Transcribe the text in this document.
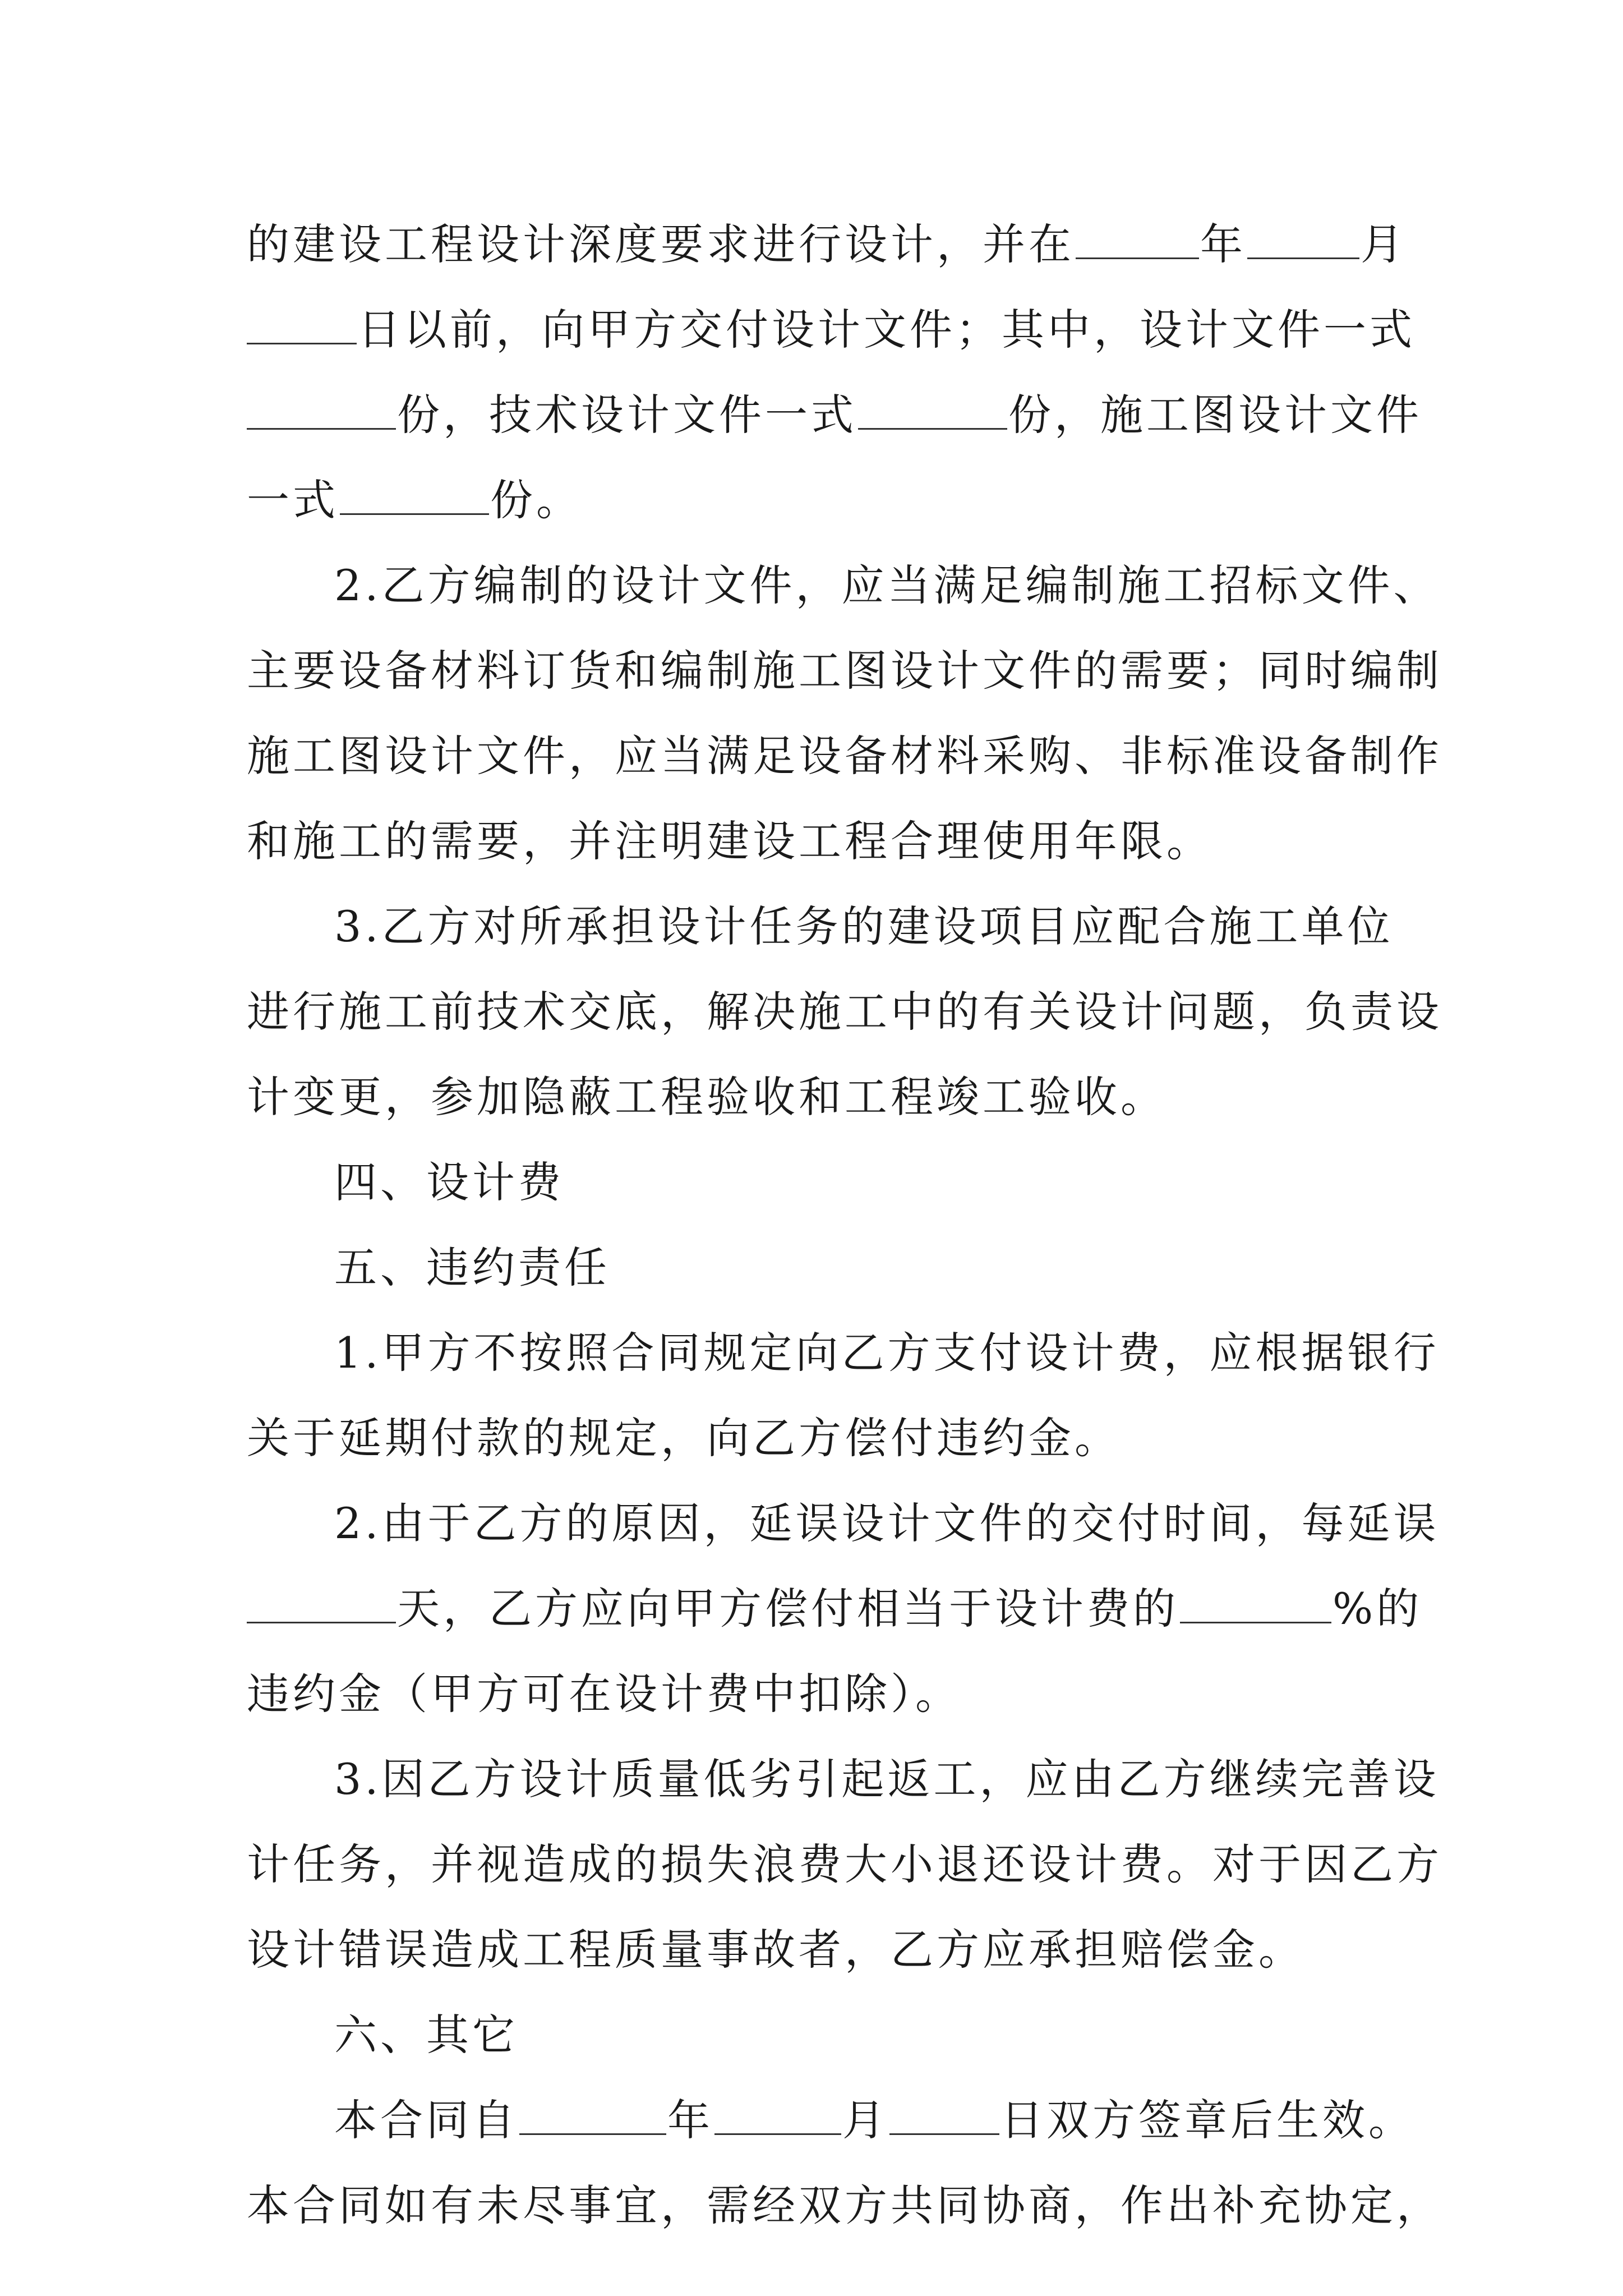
的建设工程设计深度要求进行设计，并在	年	月
日以前，向甲方交付设计文件；其中，设计文件一式
份，技术设计文件一式	份，施工图设计文件
一式	份。
2.乙方编制的设计文件，应当满足编制施工招标文件、
主要设备材料订货和编制施工图设计文件的需要；同时编制
施工图设计文件，应当满足设备材料采购、非标准设备制作
和施工的需要，并注明建设工程合理使用年限。
3.乙方对所承担设计任务的建设项目应配合施工单位
进行施工前技术交底，解决施工中的有关设计问题，负责设
计变更，参加隐蔽工程验收和工程竣工验收。
四、设计费
五、违约责任
1.甲方不按照合同规定向乙方支付设计费，应根据银行
关于延期付款的规定，向乙方偿付违约金。
2.由于乙方的原因，延误设计文件的交付时间，每延误
天，乙方应向甲方偿付相当于设计费的	%的
违约金（甲方可在设计费中扣除）。
3.因乙方设计质量低劣引起返工，应由乙方继续完善设
计任务，并视造成的损失浪费大小退还设计费。对于因乙方
设计错误造成工程质量事故者，乙方应承担赔偿金。
六、其它
本合同自	年	月	日双方签章后生效。
本合同如有未尽事宜，需经双方共同协商，作出补充协定，
